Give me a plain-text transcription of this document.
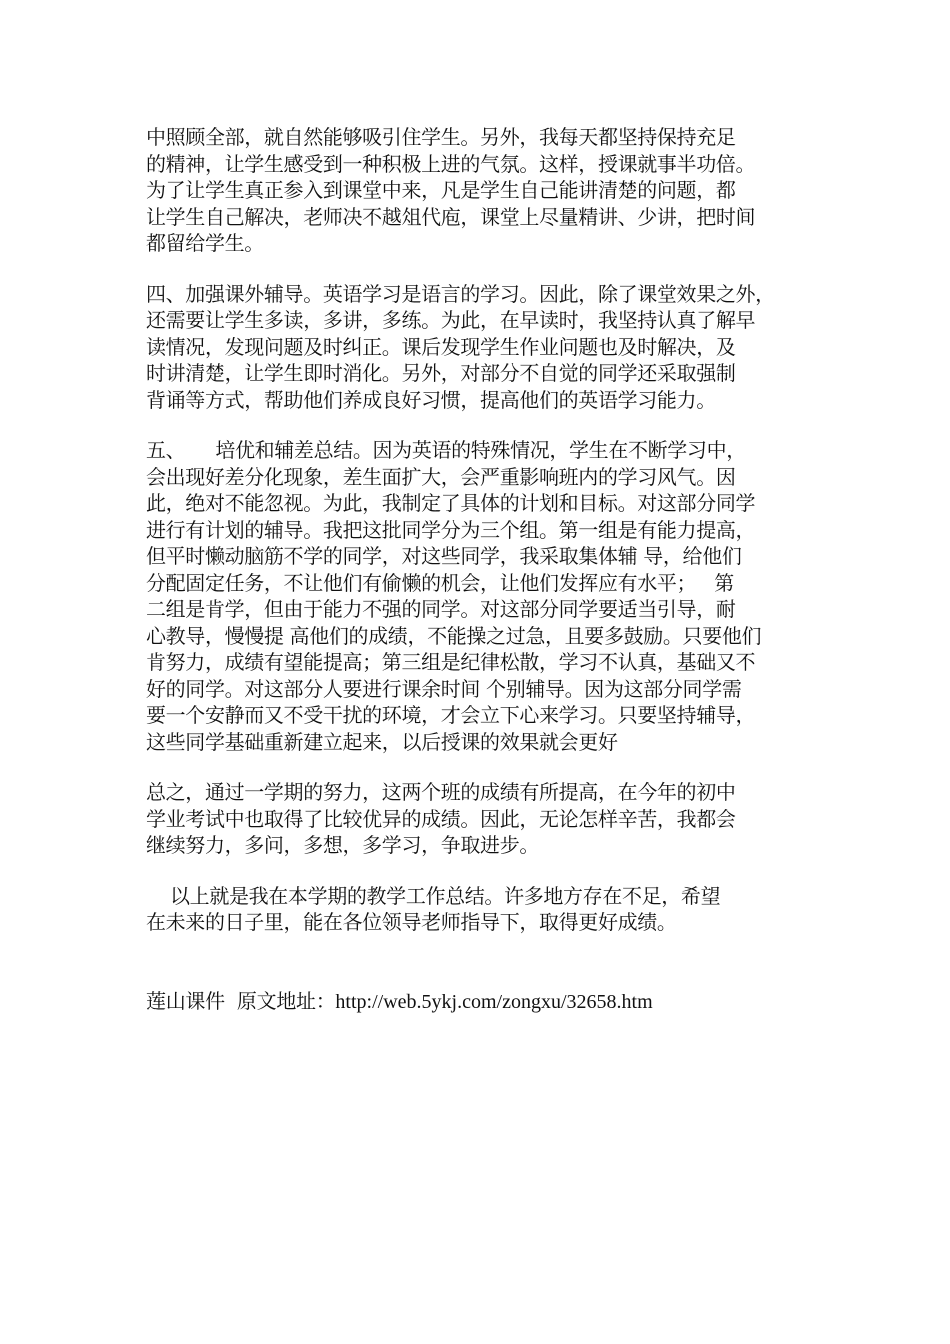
中照顾全部，就自然能够吸引住学生。另外，我每天都坚持保持充足
的精神，让学生感受到一种积极上进的气氛。这样，授课就事半功倍。
为了让学生真正参入到课堂中来，凡是学生自己能讲清楚的问题，都
让学生自己解决，老师决不越俎代庖，课堂上尽量精讲、少讲，把时间
都留给学生。

四、加强课外辅导。英语学习是语言的学习。因此，除了课堂效果之外，
还需要让学生多读，多讲，多练。为此，在早读时，我坚持认真了解早
读情况，发现问题及时纠正。课后发现学生作业问题也及时解决，及
时讲清楚，让学生即时消化。另外，对部分不自觉的同学还采取强制
背诵等方式，帮助他们养成良好习惯，提高他们的英语学习能力。

五、     培优和辅差总结。因为英语的特殊情况，学生在不断学习中，
会出现好差分化现象，差生面扩大，会严重影响班内的学习风气。因
此，绝对不能忽视。为此，我制定了具体的计划和目标。对这部分同学
进行有计划的辅导。我把这批同学分为三个组。第一组是有能力提高，
但平时懒动脑筋不学的同学，对这些同学，我采取集体辅 导，给他们
分配固定任务，不让他们有偷懒的机会，让他们发挥应有水平；   第
二组是肯学，但由于能力不强的同学。对这部分同学要适当引导，耐
心教导，慢慢提 高他们的成绩，不能操之过急，且要多鼓励。只要他们
肯努力，成绩有望能提高；第三组是纪律松散，学习不认真，基础又不
好的同学。对这部分人要进行课余时间 个别辅导。因为这部分同学需
要一个安静而又不受干扰的环境，才会立下心来学习。只要坚持辅导，
这些同学基础重新建立起来，以后授课的效果就会更好

总之，通过一学期的努力，这两个班的成绩有所提高，在今年的初中
学业考试中也取得了比较优异的成绩。因此，无论怎样辛苦，我都会
继续努力，多问，多想，多学习，争取进步。

以上就是我在本学期的教学工作总结。许多地方存在不足，希望
在未来的日子里，能在各位领导老师指导下，取得更好成绩。

莲山课件  原文地址：http://web.5ykj.com/zongxu/32658.htm
